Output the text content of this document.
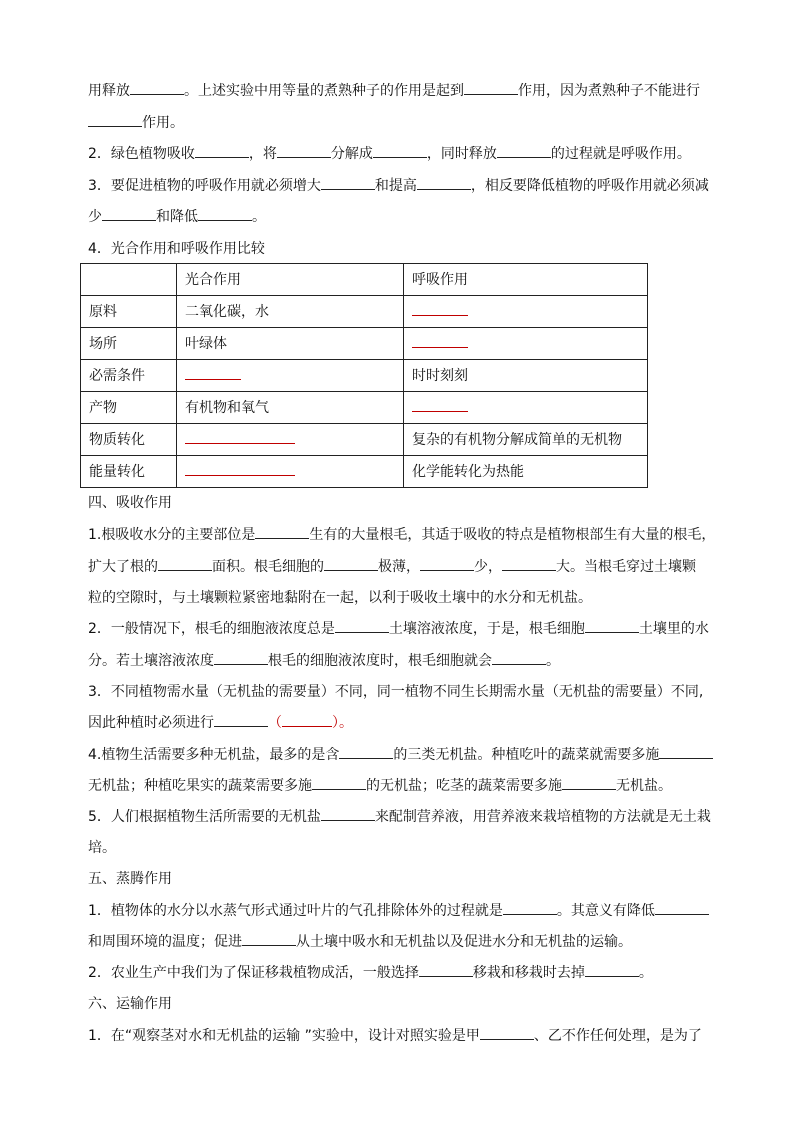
用释放	。上述实验中用等量的煮熟种子的作用是起到	作用，因为煮熟种子不能进行
作用。
2．绿色植物吸收	，将	分解成	，同时释放	的过程就是呼吸作用。
3．要促进植物的呼吸作用就必须增大	和提高	，相反要降低植物的呼吸作用就必须减
少	和降低	。
4．光合作用和呼吸作用比较
	光合作用	呼吸作用
原料	二氧化碳，水	
场所	叶绿体	
必需条件		时时刻刻
产物	有机物和氧气	
物质转化		复杂的有机物分解成简单的无机物
能量转化		化学能转化为热能
四、吸收作用
1.根吸收水分的主要部位是	生有的大量根毛，其适于吸收的特点是植物根部生有大量的根毛，
扩大了根的	面积。根毛细胞的	极薄，	少，	大。当根毛穿过土壤颗
粒的空隙时，与土壤颗粒紧密地黏附在一起，以利于吸收土壤中的水分和无机盐。
2．一般情况下，根毛的细胞液浓度总是	土壤溶液浓度，于是，根毛细胞	土壤里的水
分。若土壤溶液浓度	根毛的细胞液浓度时，根毛细胞就会	。
3．不同植物需水量（无机盐的需要量）不同，同一植物不同生长期需水量（无机盐的需要量）不同,
因此种植时必须进行	（	）。
4.植物生活需要多种无机盐，最多的是含	的三类无机盐。种植吃叶的蔬菜就需要多施
无机盐；种植吃果实的蔬菜需要多施	的无机盐；吃茎的蔬菜需要多施	无机盐。
5．人们根据植物生活所需要的无机盐	来配制营养液，用营养液来栽培植物的方法就是无土栽
培。
五、蒸腾作用
1．植物体的水分以水蒸气形式通过叶片的气孔排除体外的过程就是	。其意义有降低
和周围环境的温度；促进	从土壤中吸水和无机盐以及促进水分和无机盐的运输。
2．农业生产中我们为了保证移栽植物成活，一般选择	移栽和移栽时去掉	。
六、运输作用
1．在“观察茎对水和无机盐的运输 ”实验中，设计对照实验是甲	、乙不作任何处理，是为了
